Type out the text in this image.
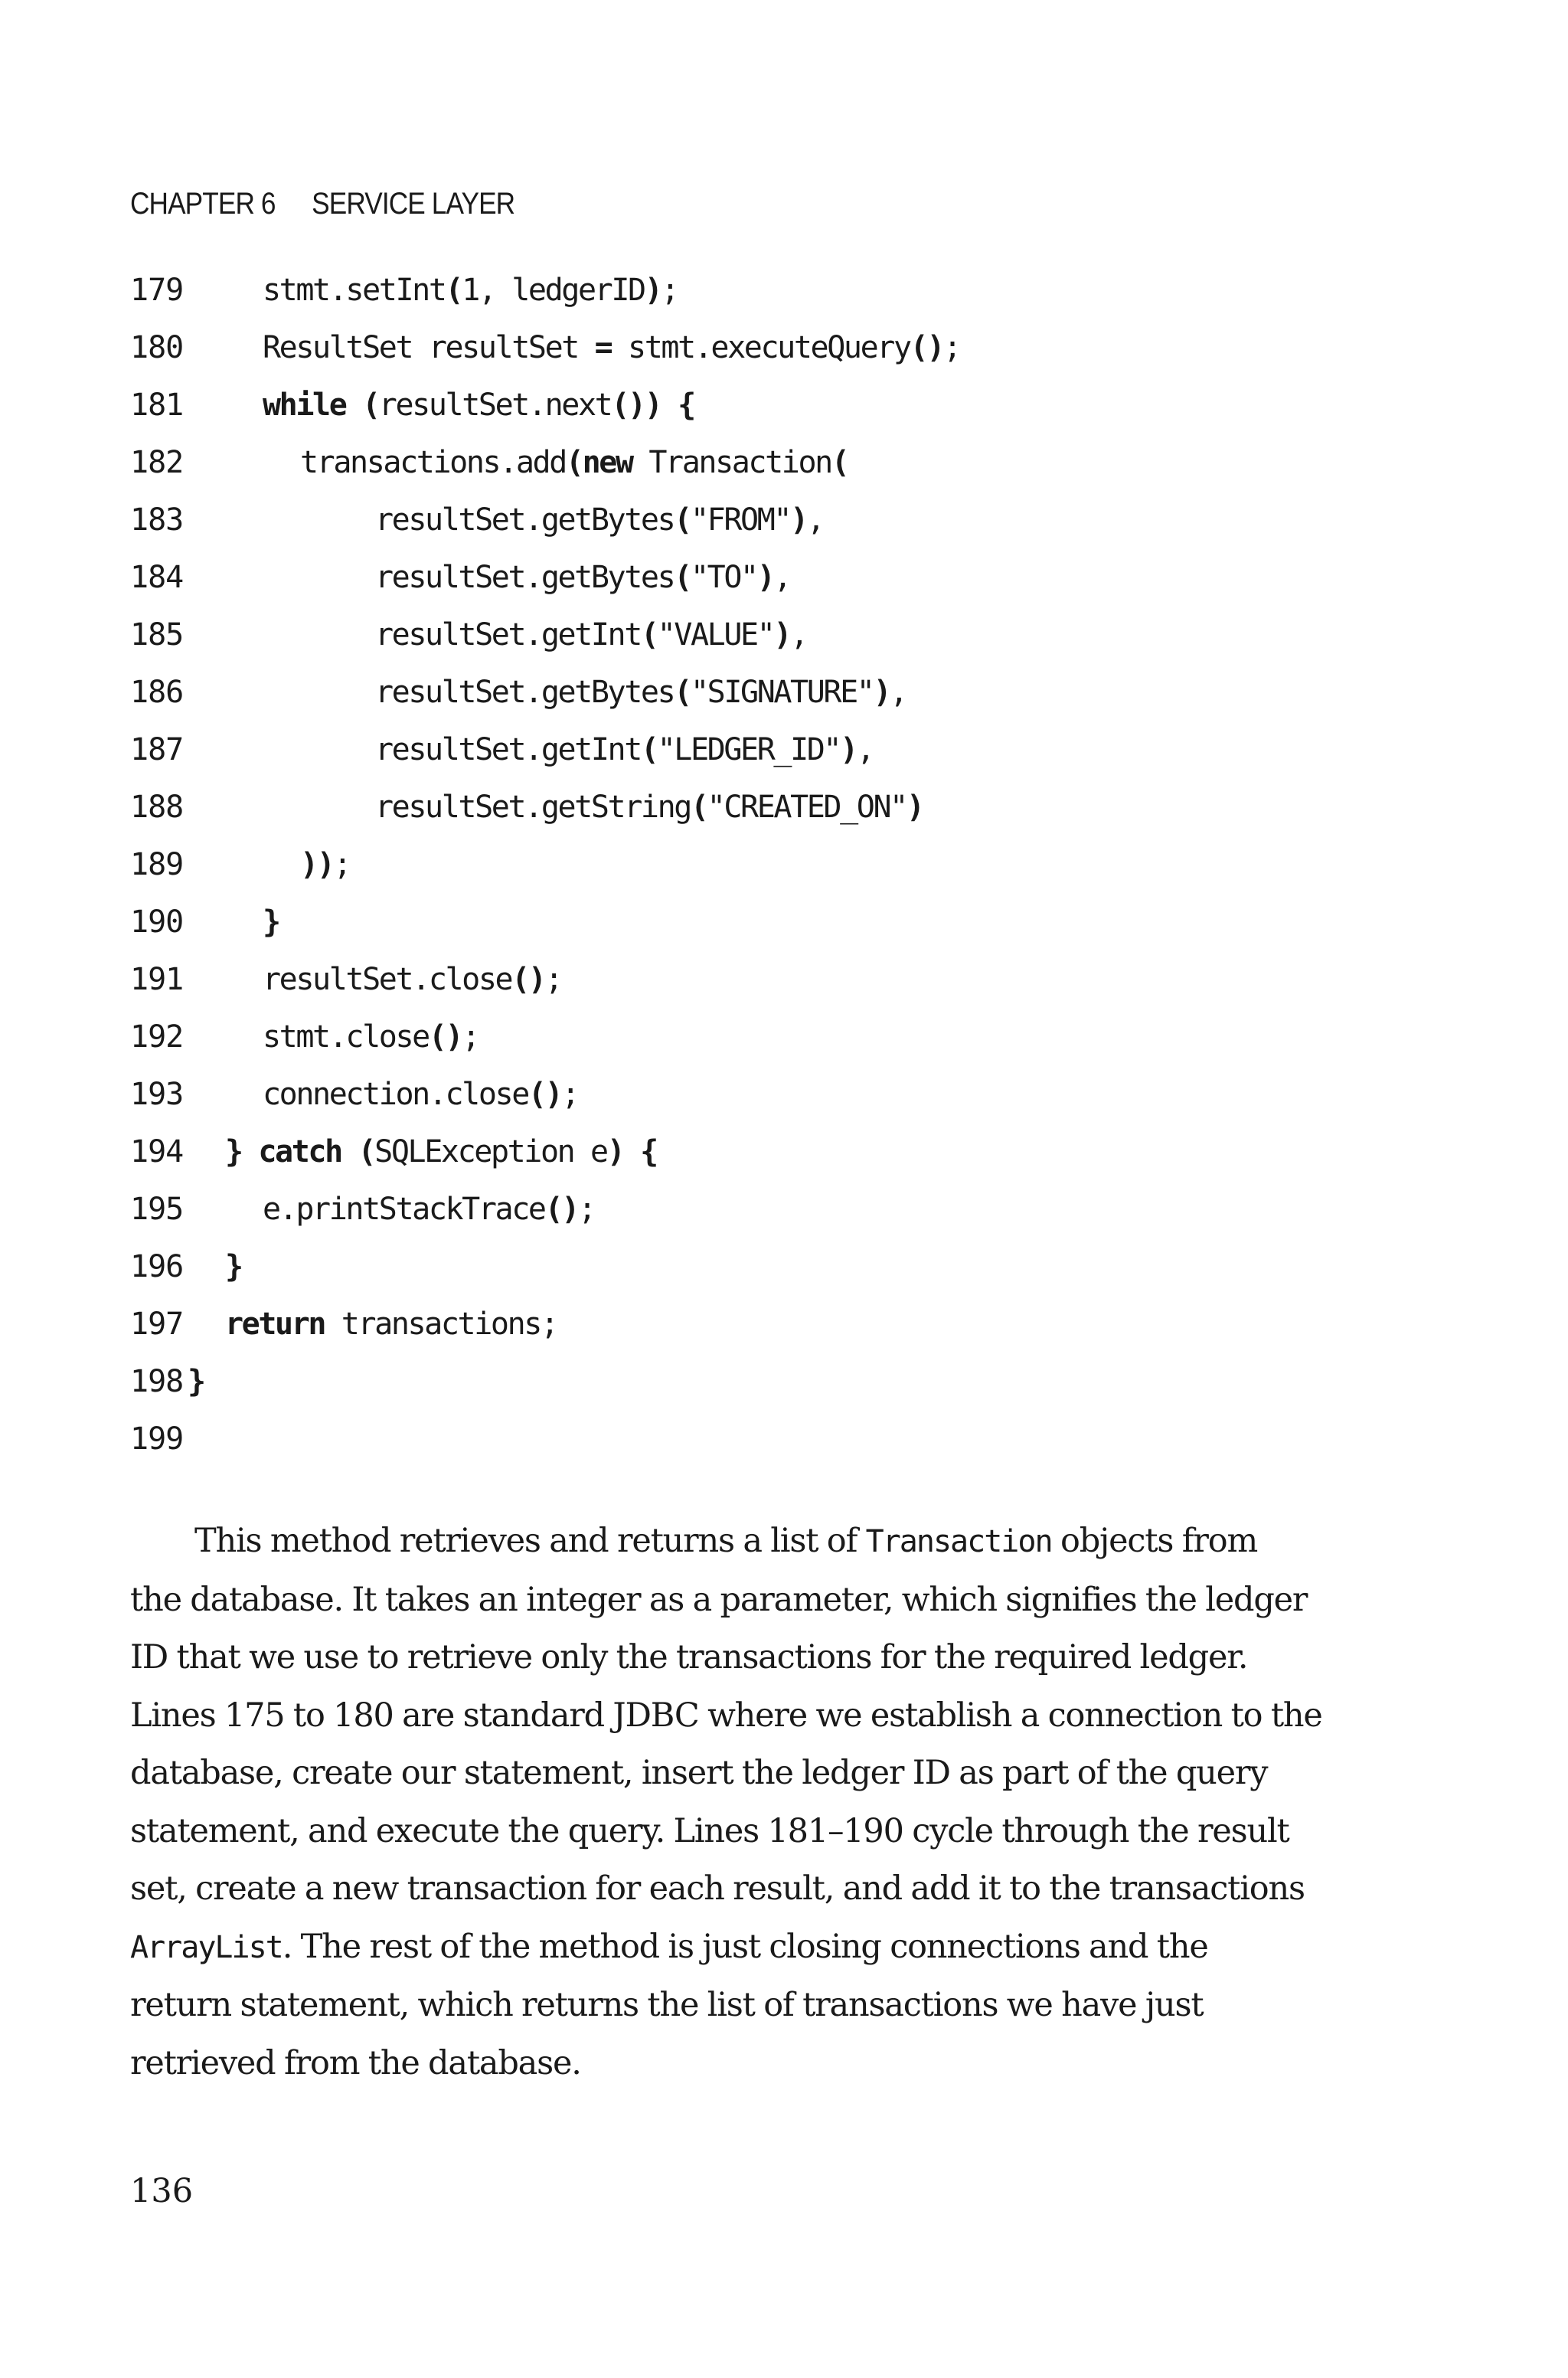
CHAPTER 6 SERVICE LAYER
179	stmt.setInt(1, ledgerID);
180	ResultSet resultSet = stmt.executeQuery();
181	while (resultSet.next()) {
182	transactions.add(new Transaction(
183	resultSet.getBytes("FROM"),
184	resultSet.getBytes("TO"),
185	resultSet.getInt("VALUE"),
186	resultSet.getBytes("SIGNATURE"),
187	resultSet.getInt("LEDGER_ID"),
188	resultSet.getString("CREATED_ON")
189	));
190	}
191	resultSet.close();
192	stmt.close();
193	connection.close();
194 } catch (SQLException e) {
195	e.printStackTrace();
196 }
197 return transactions;
198 }
199
This method retrieves and returns a list of Transaction objects from
the database. It takes an integer as a parameter, which signifies the ledger
ID that we use to retrieve only the transactions for the required ledger.
Lines 175 to 180 are standard JDBC where we establish a connection to the
database, create our statement, insert the ledger ID as part of the query
statement, and execute the query. Lines 181–190 cycle through the result
set, create a new transaction for each result, and add it to the transactions
ArrayList. The rest of the method is just closing connections and the
return statement, which returns the list of transactions we have just
retrieved from the database.
136
